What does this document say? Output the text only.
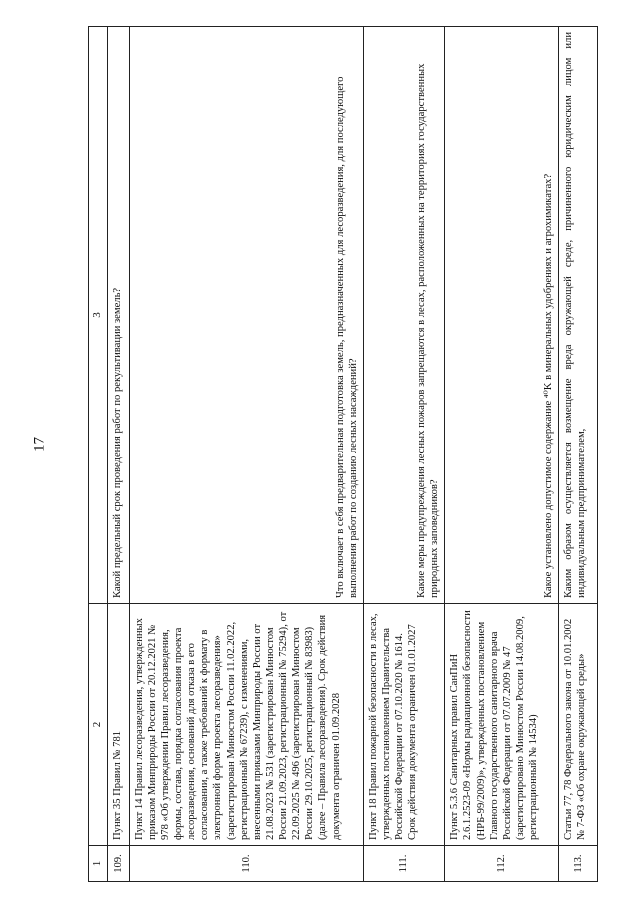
17
1	2	3
109.	Пункт 35 Правил № 781	Какой предельный срок проведения работ по рекультивации земель?
110.	Пункт 14 Правил лесоразведения, утвержденных приказом Минприроды России от 20.12.2021 № 978 «Об утверждении Правил лесоразведения, формы, состава, порядка согласования проекта лесоразведения, оснований для отказа в его согласовании, а также требований к формату в электронной форме проекта лесоразведения» (зарегистрирован Минюстом России 11.02.2022, регистрационный № 67239), с изменениями, внесенными приказами Минприроды России от 21.08.2023 № 531 (зарегистрирован Минюстом России 21.09.2023, регистрационный № 75294), от 22.09.2025 № 496 (зарегистрирован Минюстом России 29.10.2025, регистрационный № 83983) (далее – Правила лесоразведения). Срок действия документа ограничен 01.09.2028	Что включает в себя предварительная подготовка земель, предназначенных для лесоразведения, для последующего выполнения работ по созданию лесных насаждений?
111.	Пункт 18 Правил пожарной безопасности в лесах, утвержденных постановлением Правительства Российской Федерации от 07.10.2020 № 1614. Срок действия документа ограничен 01.01.2027	Какие меры предупреждения лесных пожаров запрещаются в лесах, расположенных на территориях государственных природных заповедников?
112.	Пункт 5.3.6 Санитарных правил СанПиН 2.6.1.2523-09 «Нормы радиационной безопасности (НРБ-99/2009)», утвержденных постановлением Главного государственного санитарного врача Российской Федерации от 07.07.2009 № 47 (зарегистрировано Минюстом России 14.08.2009, регистрационный № 14534)	Какое установлено допустимое содержание ⁴⁰K в минеральных удобрениях и агрохимикатах?
113.	Статьи 77, 78 Федерального закона от 10.01.2002 № 7-ФЗ «Об охране окружающей среды»	Каким образом осуществляется возмещение вреда окружающей среде, причиненного юридическим лицом или индивидуальным предпринимателем,
